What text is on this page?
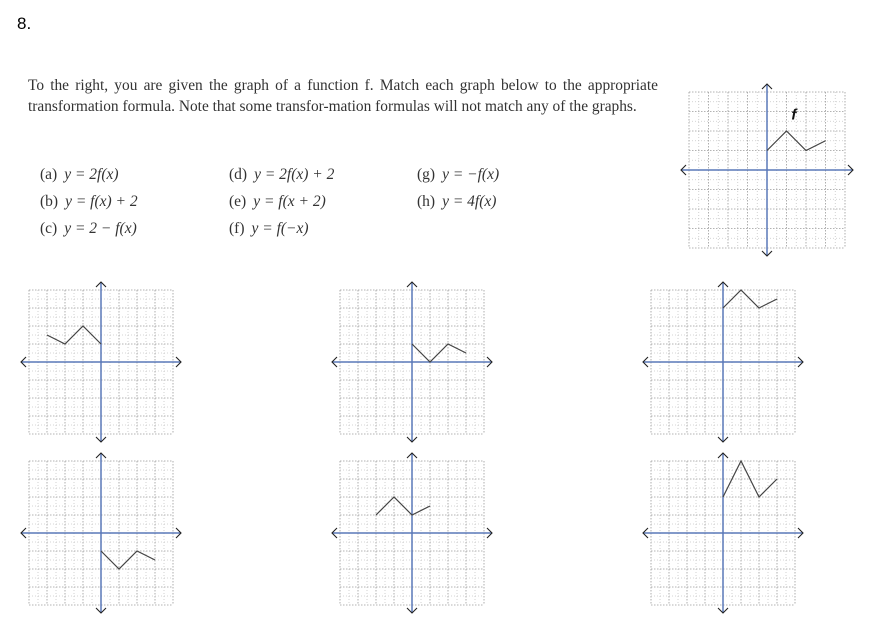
8.
To the right, you are given the graph of a function f. Match each graph below to the appropriate transformation formula. Note that some transfor-mation formulas will not match any of the graphs.
(a) y = 2f(x)
(b) y = f(x) + 2
(c) y = 2 − f(x)
(d) y = 2f(x) + 2
(e) y = f(x + 2)
(f) y = f(−x)
(g) y = −f(x)
(h) y = 4f(x)
f
